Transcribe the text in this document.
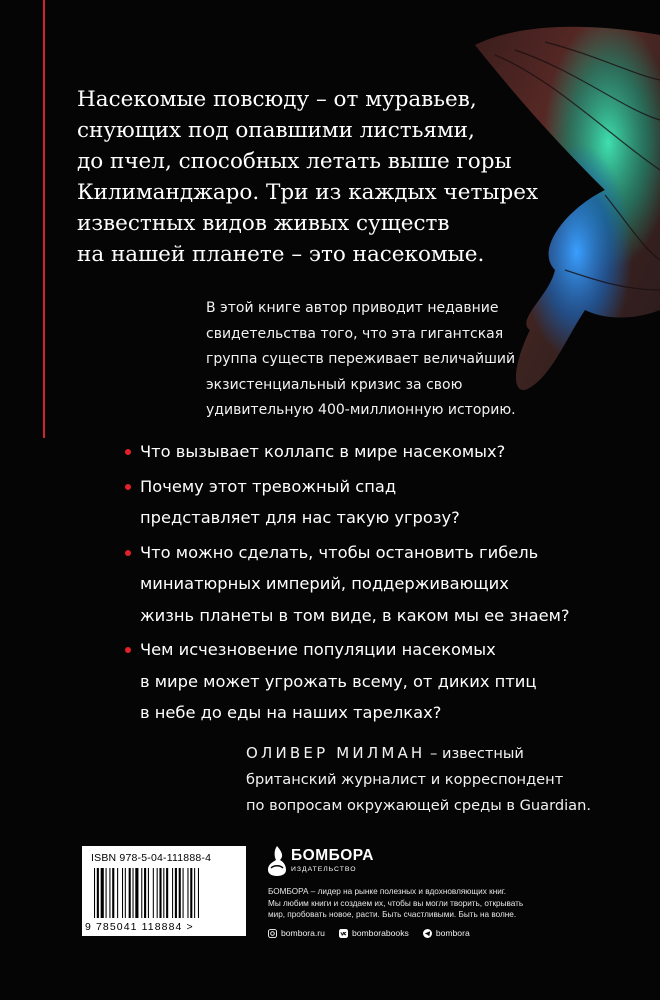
Насекомые повсюду – от муравьев,
снующих под опавшими листьями,
до пчел, способных летать выше горы
Килиманджаро. Три из каждых четырех
известных видов живых существ
на нашей планете – это насекомые.

В этой книге автор приводит недавние
свидетельства того, что эта гигантская
группа существ переживает величайший
экзистенциальный кризис за свою
удивительную 400-миллионную историю.

Что вызывает коллапс в мире насекомых?
Почему этот тревожный спад
представляет для нас такую угрозу?
Что можно сделать, чтобы остановить гибель
миниатюрных империй, поддерживающих
жизнь планеты в том виде, в каком мы ее знаем?
Чем исчезновение популяции насекомых
в мире может угрожать всему, от диких птиц
в небе до еды на наших тарелках?

ОЛИВЕР МИЛМАН – известный
британский журналист и корреспондент
по вопросам окружающей среды в Guardian.

ISBN 978-5-04-111888-4
9 785041 118884 >
БОМБОРА
ИЗДАТЕЛЬСТВО

БОМБОРА – лидер на рынке полезных и вдохновляющих книг.
Мы любим книги и создаем их, чтобы вы могли творить, открывать
мир, пробовать новое, расти. Быть счастливыми. Быть на волне.

bombora.ru	bomborabooks	bombora
